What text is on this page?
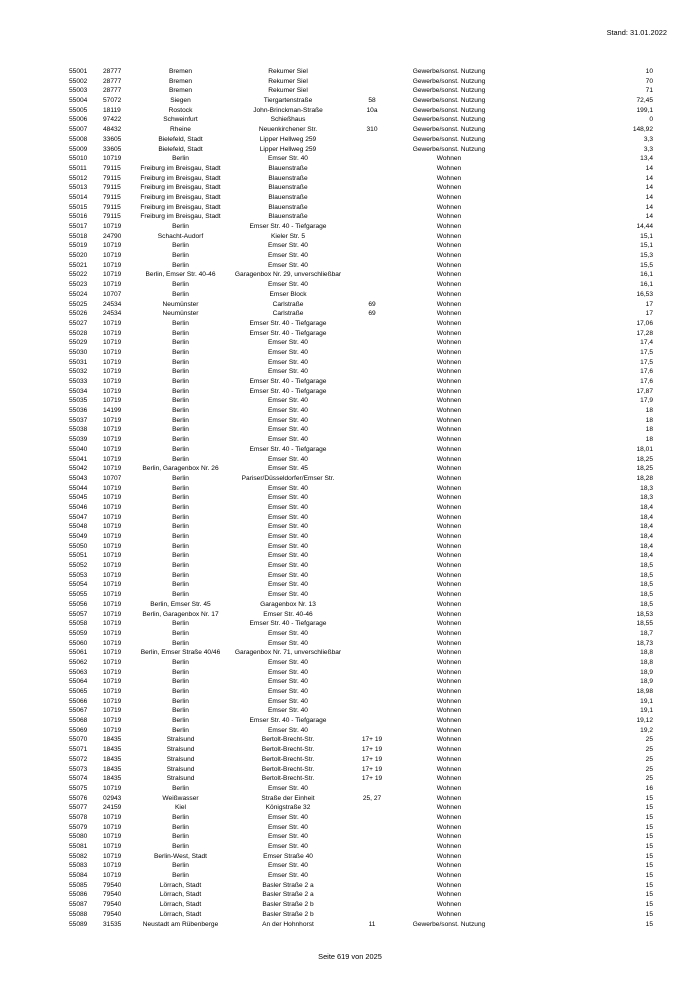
Stand: 31.01.2022
55001	28777	Bremen	Rekumer Siel		Gewerbe/sonst. Nutzung	10
55002	28777	Bremen	Rekumer Siel		Gewerbe/sonst. Nutzung	70
55003	28777	Bremen	Rekumer Siel		Gewerbe/sonst. Nutzung	71
55004	57072	Siegen	Tiergartenstraße	58	Gewerbe/sonst. Nutzung	72,45
55005	18119	Rostock	John-Brinckman-Straße	10a	Gewerbe/sonst. Nutzung	199,1
55006	97422	Schweinfurt	Schießhaus		Gewerbe/sonst. Nutzung	0
55007	48432	Rheine	Neuenkirchener Str.	310	Gewerbe/sonst. Nutzung	148,92
55008	33605	Bielefeld, Stadt	Lipper Hellweg 259		Gewerbe/sonst. Nutzung	3,3
55009	33605	Bielefeld, Stadt	Lipper Hellweg 259		Gewerbe/sonst. Nutzung	3,3
55010	10719	Berlin	Emser Str. 40		Wohnen	13,4
55011	79115	Freiburg im Breisgau, Stadt	Blauenstraße		Wohnen	14
55012	79115	Freiburg im Breisgau, Stadt	Blauenstraße		Wohnen	14
55013	79115	Freiburg im Breisgau, Stadt	Blauenstraße		Wohnen	14
55014	79115	Freiburg im Breisgau, Stadt	Blauenstraße		Wohnen	14
55015	79115	Freiburg im Breisgau, Stadt	Blauenstraße		Wohnen	14
55016	79115	Freiburg im Breisgau, Stadt	Blauenstraße		Wohnen	14
55017	10719	Berlin	Emser Str. 40 - Tiefgarage		Wohnen	14,44
55018	24790	Schacht-Audorf	Kieler Str. 5		Wohnen	15,1
55019	10719	Berlin	Emser Str. 40		Wohnen	15,1
55020	10719	Berlin	Emser Str. 40		Wohnen	15,3
55021	10719	Berlin	Emser Str. 40		Wohnen	15,5
55022	10719	Berlin, Emser Str. 40-46	Garagenbox Nr. 29, unverschließbar		Wohnen	16,1
55023	10719	Berlin	Emser Str. 40		Wohnen	16,1
55024	10707	Berlin	Emser Block		Wohnen	16,53
55025	24534	Neumünster	Carlstraße	69	Wohnen	17
55026	24534	Neumünster	Carlstraße	69	Wohnen	17
55027	10719	Berlin	Emser Str. 40 - Tiefgarage		Wohnen	17,06
55028	10719	Berlin	Emser Str. 40 - Tiefgarage		Wohnen	17,28
55029	10719	Berlin	Emser Str. 40		Wohnen	17,4
55030	10719	Berlin	Emser Str. 40		Wohnen	17,5
55031	10719	Berlin	Emser Str. 40		Wohnen	17,5
55032	10719	Berlin	Emser Str. 40		Wohnen	17,6
55033	10719	Berlin	Emser Str. 40 - Tiefgarage		Wohnen	17,6
55034	10719	Berlin	Emser Str. 40 - Tiefgarage		Wohnen	17,87
55035	10719	Berlin	Emser Str. 40		Wohnen	17,9
55036	14199	Berlin	Emser Str. 40		Wohnen	18
55037	10719	Berlin	Emser Str. 40		Wohnen	18
55038	10719	Berlin	Emser Str. 40		Wohnen	18
55039	10719	Berlin	Emser Str. 40		Wohnen	18
55040	10719	Berlin	Emser Str. 40 - Tiefgarage		Wohnen	18,01
55041	10719	Berlin	Emser Str. 40		Wohnen	18,25
55042	10719	Berlin, Garagenbox Nr. 26	Emser Str. 45		Wohnen	18,25
55043	10707	Berlin	Pariser/Düsseldorfer/Emser Str.		Wohnen	18,28
55044	10719	Berlin	Emser Str. 40		Wohnen	18,3
55045	10719	Berlin	Emser Str. 40		Wohnen	18,3
55046	10719	Berlin	Emser Str. 40		Wohnen	18,4
55047	10719	Berlin	Emser Str. 40		Wohnen	18,4
55048	10719	Berlin	Emser Str. 40		Wohnen	18,4
55049	10719	Berlin	Emser Str. 40		Wohnen	18,4
55050	10719	Berlin	Emser Str. 40		Wohnen	18,4
55051	10719	Berlin	Emser Str. 40		Wohnen	18,4
55052	10719	Berlin	Emser Str. 40		Wohnen	18,5
55053	10719	Berlin	Emser Str. 40		Wohnen	18,5
55054	10719	Berlin	Emser Str. 40		Wohnen	18,5
55055	10719	Berlin	Emser Str. 40		Wohnen	18,5
55056	10719	Berlin, Emser Str. 45	Garagenbox Nr. 13		Wohnen	18,5
55057	10719	Berlin, Garagenbox Nr. 17	Emser Str. 40-46		Wohnen	18,53
55058	10719	Berlin	Emser Str. 40 - Tiefgarage		Wohnen	18,55
55059	10719	Berlin	Emser Str. 40		Wohnen	18,7
55060	10719	Berlin	Emser Str. 40		Wohnen	18,73
55061	10719	Berlin, Emser Straße 40/46	Garagenbox Nr. 71, unverschließbar		Wohnen	18,8
55062	10719	Berlin	Emser Str. 40		Wohnen	18,8
55063	10719	Berlin	Emser Str. 40		Wohnen	18,9
55064	10719	Berlin	Emser Str. 40		Wohnen	18,9
55065	10719	Berlin	Emser Str. 40		Wohnen	18,98
55066	10719	Berlin	Emser Str. 40		Wohnen	19,1
55067	10719	Berlin	Emser Str. 40		Wohnen	19,1
55068	10719	Berlin	Emser Str. 40 - Tiefgarage		Wohnen	19,12
55069	10719	Berlin	Emser Str. 40		Wohnen	19,2
55070	18435	Stralsund	Bertolt-Brecht-Str.	17+ 19	Wohnen	25
55071	18435	Stralsund	Bertolt-Brecht-Str.	17+ 19	Wohnen	25
55072	18435	Stralsund	Bertolt-Brecht-Str.	17+ 19	Wohnen	25
55073	18435	Stralsund	Bertolt-Brecht-Str.	17+ 19	Wohnen	25
55074	18435	Stralsund	Bertolt-Brecht-Str.	17+ 19	Wohnen	25
55075	10719	Berlin	Emser Str. 40		Wohnen	16
55076	02943	Weißwasser	Straße der Einheit	25, 27	Wohnen	15
55077	24159	Kiel	Königstraße 32		Wohnen	15
55078	10719	Berlin	Emser Str. 40		Wohnen	15
55079	10719	Berlin	Emser Str. 40		Wohnen	15
55080	10719	Berlin	Emser Str. 40		Wohnen	15
55081	10719	Berlin	Emser Str. 40		Wohnen	15
55082	10719	Berlin-West, Stadt	Emser Straße 40		Wohnen	15
55083	10719	Berlin	Emser Str. 40		Wohnen	15
55084	10719	Berlin	Emser Str. 40		Wohnen	15
55085	79540	Lörrach, Stadt	Basler Straße 2 a		Wohnen	15
55086	79540	Lörrach, Stadt	Basler Straße 2 a		Wohnen	15
55087	79540	Lörrach, Stadt	Basler Straße 2 b		Wohnen	15
55088	79540	Lörrach, Stadt	Basler Straße 2 b		Wohnen	15
55089	31535	Neustadt am Rübenberge	An der Hohnhorst	11	Gewerbe/sonst. Nutzung	15
Seite 619 von 2025
